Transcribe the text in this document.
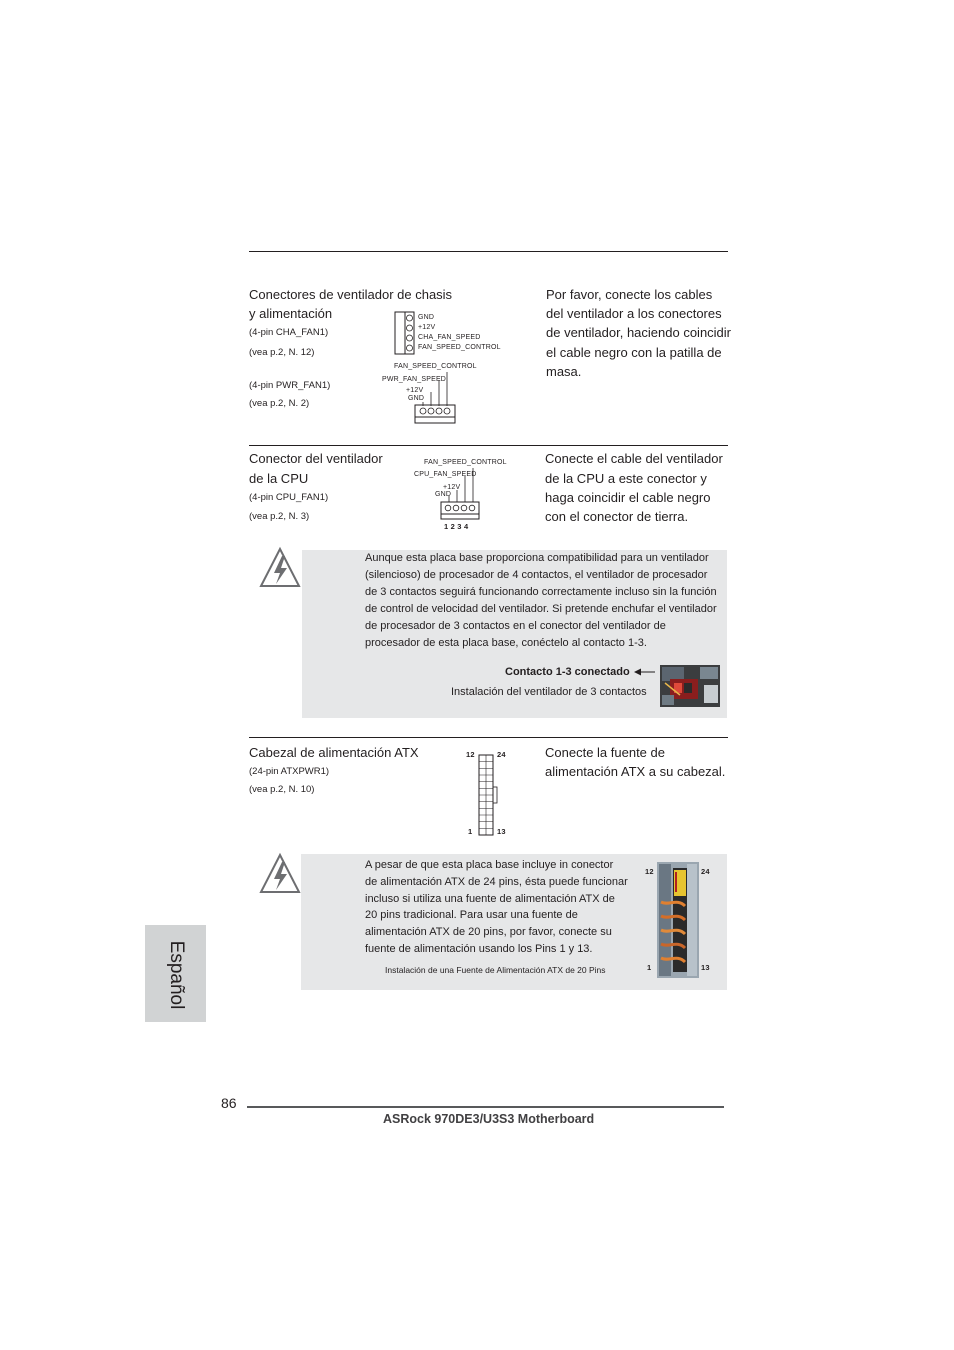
Conectores de ventilador de chasis
y alimentación
(4-pin CHA_FAN1)
(vea p.2, N. 12)
(4-pin PWR_FAN1)
(vea p.2, N. 2)
GND
+12V
CHA_FAN_SPEED
FAN_SPEED_CONTROL
FAN_SPEED_CONTROL
PWR_FAN_SPEED
+12V
GND
Por favor, conecte los cables
del ventilador a los conectores
de ventilador, haciendo coincidir
el cable negro con la patilla de
masa.
Conector del ventilador
de la CPU
(4-pin CPU_FAN1)
(vea p.2, N. 3)
FAN_SPEED_CONTROL
CPU_FAN_SPEED
+12V
GND
1 2 3 4
Conecte el cable del ventilador
de la CPU a este conector y
haga coincidir el cable negro
con el conector de tierra.
Aunque esta placa base proporciona compatibilidad para un ventilador
(silencioso) de procesador de 4 contactos, el ventilador de procesador
de 3 contactos seguirá funcionando correctamente incluso sin la función
de control de velocidad del ventilador. Si pretende enchufar el ventilador
de procesador de 3 contactos en el conector del ventilador de
procesador de esta placa base, conéctelo al contacto 1-3.
Contacto 1-3 conectado
Instalación del ventilador de 3 contactos
Cabezal de alimentación ATX
(24-pin ATXPWR1)
(vea p.2, N. 10)
12	24
1	13
Conecte la fuente de
alimentación ATX a su cabezal.
A pesar de que esta placa base incluye in conector
de alimentación ATX de 24 pins, ésta puede funcionar
incluso si utiliza una fuente de alimentación ATX de
20 pins tradicional. Para usar una fuente de
alimentación ATX de 20 pins, por favor, conecte su
fuente de alimentación usando los Pins 1 y 13.
Instalación de una Fuente de Alimentación ATX de 20 Pins
12	24
1	13
Español
86
ASRock 970DE3/U3S3 Motherboard
